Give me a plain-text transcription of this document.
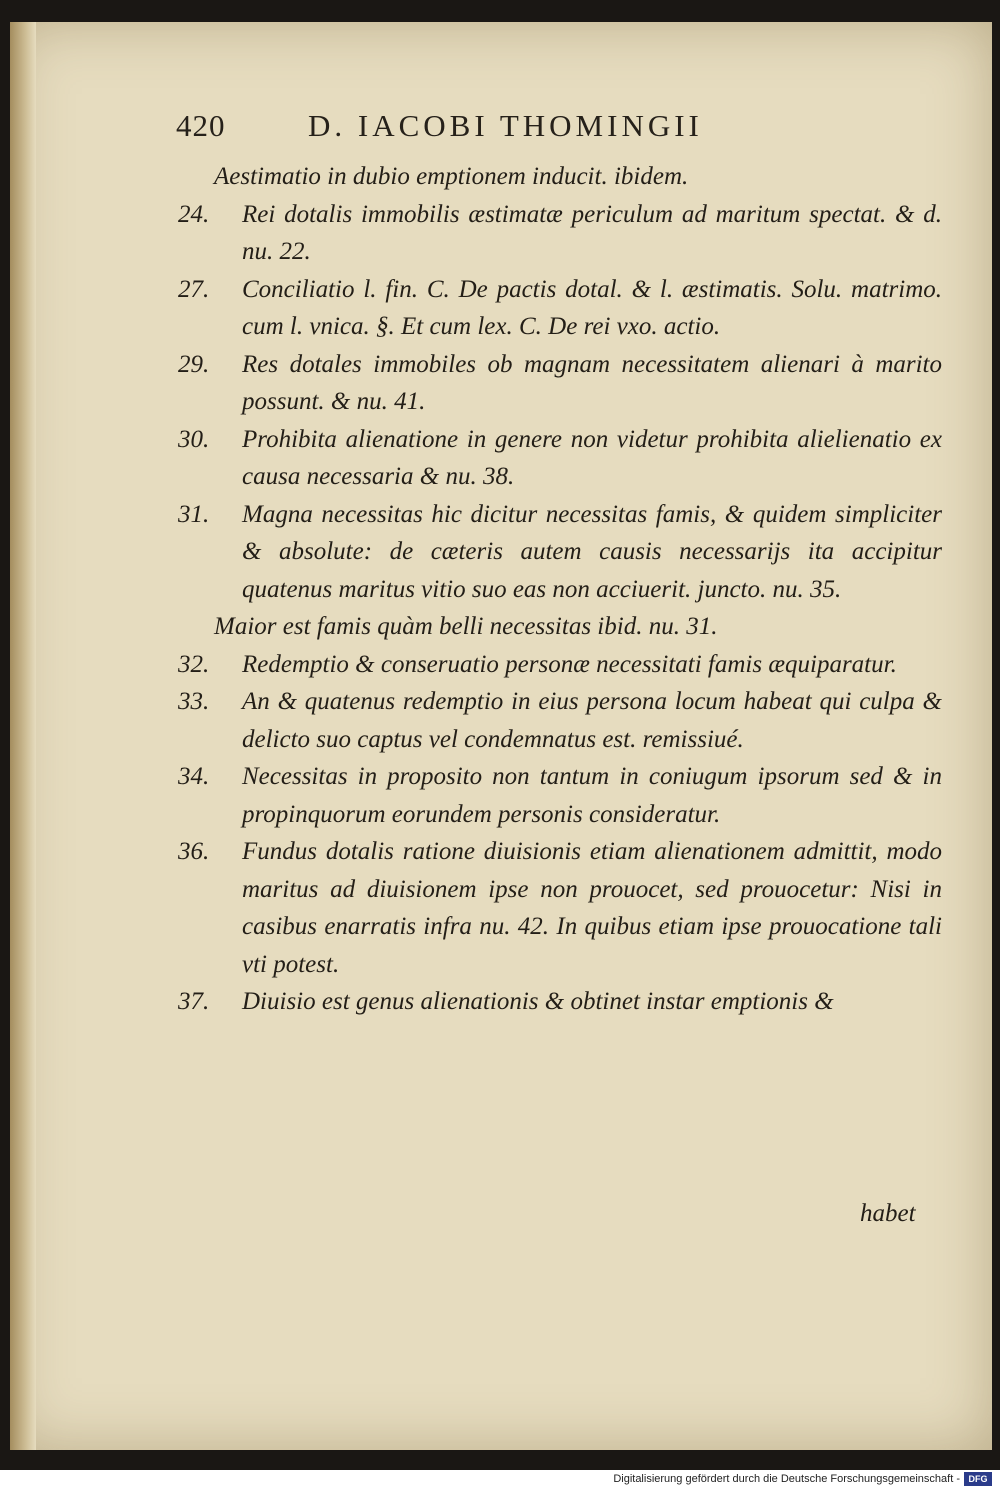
420	D. IACOBI THOMINGII

Aestimatio in dubio emptionem inducit. ibidem.

24. Rei dotalis immobilis æstimatæ periculum ad maritum spectat. & d. nu. 22.

27. Conciliatio l. fin. C. De pactis dotal. & l. æstimatis. Solu. matrimo. cum l. vnica. §. Et cum lex. C. De rei vxo. actio.

29. Res dotales immobiles ob magnam necessitatem alienari à marito possunt. & nu. 41.

30. Prohibita alienatione in genere non videtur prohibita alielienatio ex causa necessaria & nu. 38.

31. Magna necessitas hic dicitur necessitas famis, & quidem simpliciter & absolute: de cæteris autem causis necessarijs ita accipitur quatenus maritus vitio suo eas non acciuerit. juncto. nu. 35.

Maior est famis quàm belli necessitas ibid. nu. 31.

32. Redemptio & conseruatio personæ necessitati famis æquiparatur.

33. An & quatenus redemptio in eius persona locum habeat qui culpa & delicto suo captus vel condemnatus est. remissiué.

34. Necessitas in proposito non tantum in coniugum ipsorum sed & in propinquorum eorundem personis consideratur.

36. Fundus dotalis ratione diuisionis etiam alienationem admittit, modo maritus ad diuisionem ipse non prouocet, sed prouocetur: Nisi in casibus enarratis infra nu. 42. In quibus etiam ipse prouocatione tali vti potest.

37. Diuisio est genus alienationis & obtinet instar emptionis &

habet
Digitalisierung gefördert durch die Deutsche Forschungsgemeinschaft - DFG
